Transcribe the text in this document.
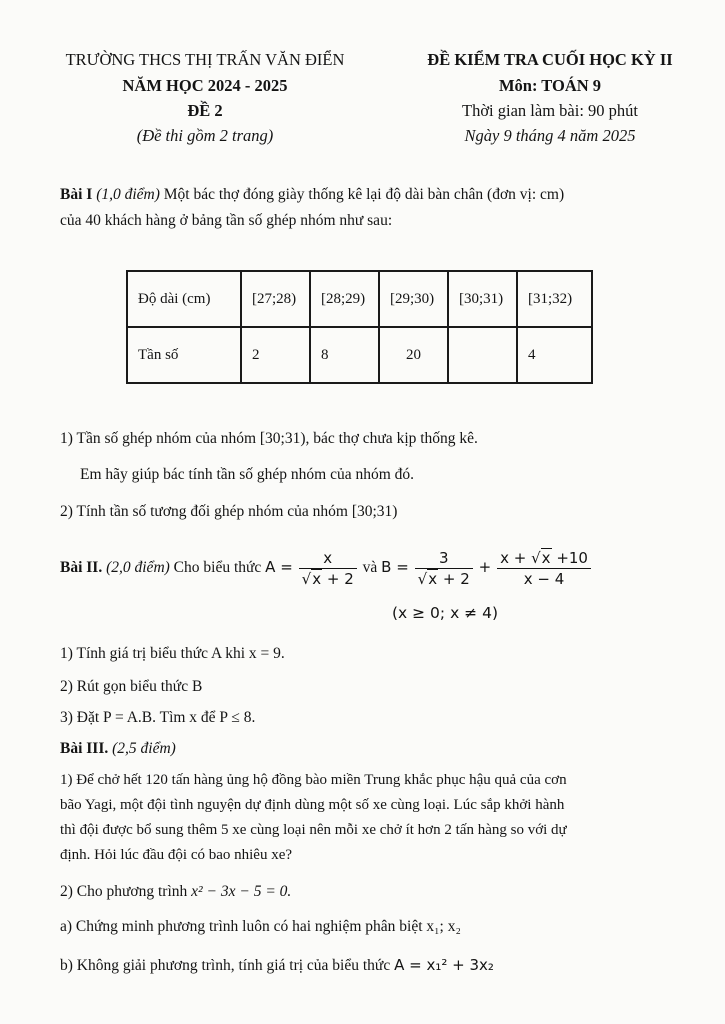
TRƯỜNG THCS THỊ TRẤN VĂN ĐIỂN
NĂM HỌC 2024 - 2025
ĐỀ 2
(Đề thi gồm 2 trang)
ĐỀ KIỂM TRA CUỐI HỌC KỲ II
Môn: TOÁN 9
Thời gian làm bài: 90 phút
Ngày 9 tháng 4 năm 2025
Bài I (1,0 điểm) Một bác thợ đóng giày thống kê lại độ dài bàn chân (đơn vị: cm)
của 40 khách hàng ở bảng tần số ghép nhóm như sau:
Độ dài (cm)	[27;28)	[28;29)	[29;30)	[30;31)	[31;32)
Tần số	2	8	20		4
1) Tần số ghép nhóm của nhóm [30;31), bác thợ chưa kịp thống kê.
Em hãy giúp bác tính tần số ghép nhóm của nhóm đó.
2) Tính tần số tương đối ghép nhóm của nhóm [30;31)
Bài II. (2,0 điểm) Cho biểu thức $A = \frac{x}{√x + 2}$ và $B = \frac{3}{√x + 2} + \frac{x + √x +10}{x - 4}$
(x ≥ 0; x ≠ 4)
1) Tính giá trị biểu thức A khi x = 9.
2) Rút gọn biểu thức B
3) Đặt P = A.B. Tìm x để P ≤ 8.
Bài III. (2,5 điểm)
1) Để chở hết 120 tấn hàng ủng hộ đồng bào miền Trung khắc phục hậu quả của cơn
bão Yagi, một đội tình nguyện dự định dùng một số xe cùng loại. Lúc sắp khởi hành
thì đội được bổ sung thêm 5 xe cùng loại nên mỗi xe chở ít hơn 2 tấn hàng so với dự
định. Hỏi lúc đầu đội có bao nhiêu xe?
2) Cho phương trình x² − 3x − 5 = 0.
a) Chứng minh phương trình luôn có hai nghiệm phân biệt x₁; x₂
b) Không giải phương trình, tính giá trị của biểu thức A = x₁² + 3x₂
